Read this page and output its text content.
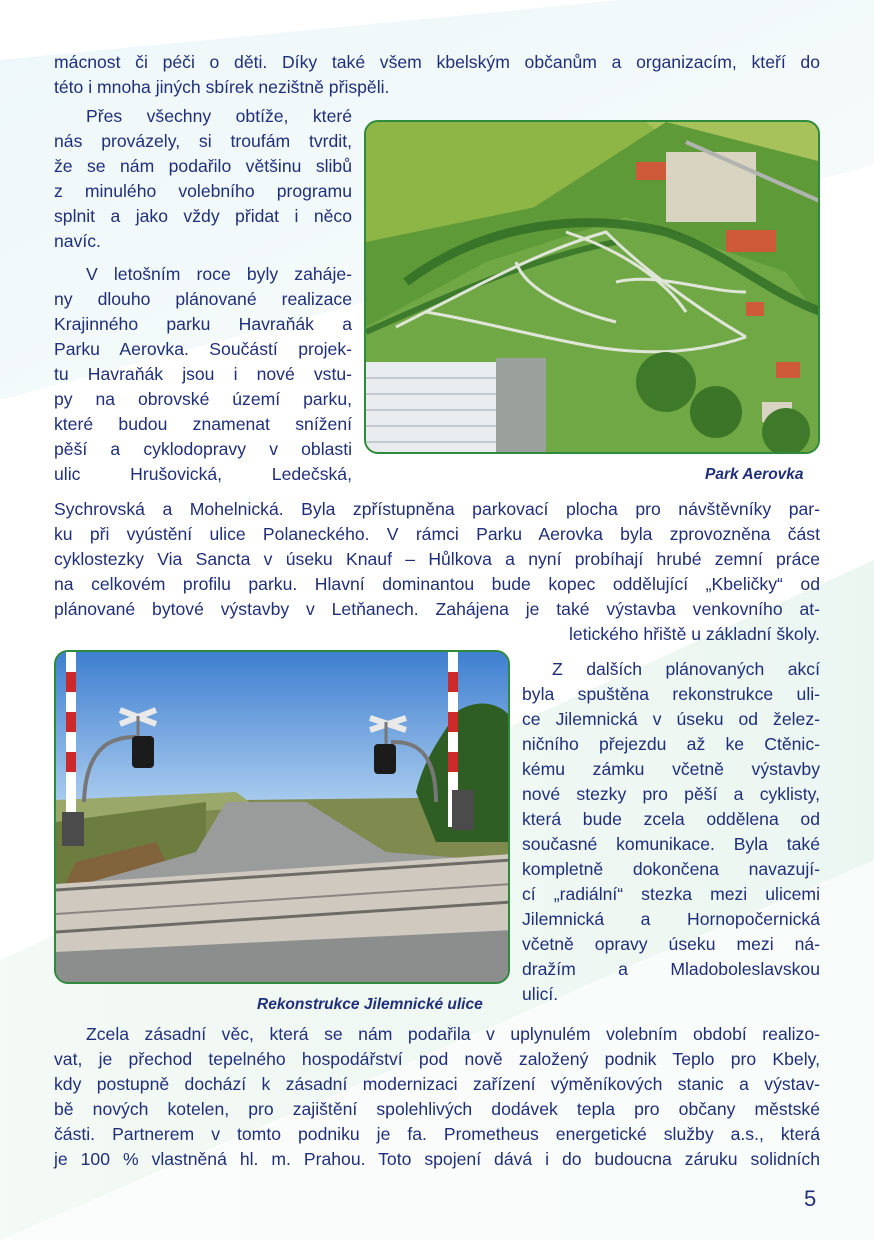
mácnost či péči o děti. Díky také všem kbelským občanům a organizacím, kteří do

této i mnoha jiných sbírek nezištně přispěli.

Přes všechny obtíže, které

nás provázely, si troufám tvrdit,

že se nám podařilo většinu slibů

z minulého volebního programu

splnit a jako vždy přidat i něco

navíc.

V letošním roce byly zaháje-

ny dlouho plánované realizace

Krajinného parku Havraňák a

Parku Aerovka. Součástí projek-

tu Havraňák jsou i nové vstu-

py na obrovské území parku,

které budou znamenat snížení

pěší a cyklodopravy v oblasti

ulic Hrušovická, Ledečská,

Sychrovská a Mohelnická. Byla zpřístupněna parkovací plocha pro návštěvníky par-

ku při vyústění ulice Polaneckého. V rámci Parku Aerovka byla zprovozněna část

cyklostezky Via Sancta v úseku Knauf – Hůlkova a nyní probíhají hrubé zemní práce

na celkovém profilu parku. Hlavní dominantou bude kopec oddělující „Kbeličky“ od

plánované bytové výstavby v Letňanech. Zahájena je také výstavba venkovního at-

letického hřiště u základní školy.

Park Aerovka
Rekonstrukce Jilemnické ulice

Z dalších plánovaných akcí

byla spuštěna rekonstrukce uli-

ce Jilemnická v úseku od želez-

ničního přejezdu až ke Ctěnic-

kému zámku včetně výstavby

nové stezky pro pěší a cyklisty,

která bude zcela oddělena od

současné komunikace. Byla také

kompletně dokončena navazují-

cí „radiální“ stezka mezi ulicemi

Jilemnická a Hornopočernická

včetně opravy úseku mezi ná-

dražím a Mladoboleslavskou

ulicí.

Zcela zásadní věc, která se nám podařila v uplynulém volebním období realizo-

vat, je přechod tepelného hospodářství pod nově založený podnik Teplo pro Kbely,

kdy postupně dochází k zásadní modernizaci zařízení výměníkových stanic a výstav-

bě nových kotelen, pro zajištění spolehlivých dodávek tepla pro občany městské

části. Partnerem v tomto podniku je fa. Prometheus energetické služby a.s., která

je 100 % vlastněná hl. m. Prahou. Toto spojení dává i do budoucna záruku solidních

5
